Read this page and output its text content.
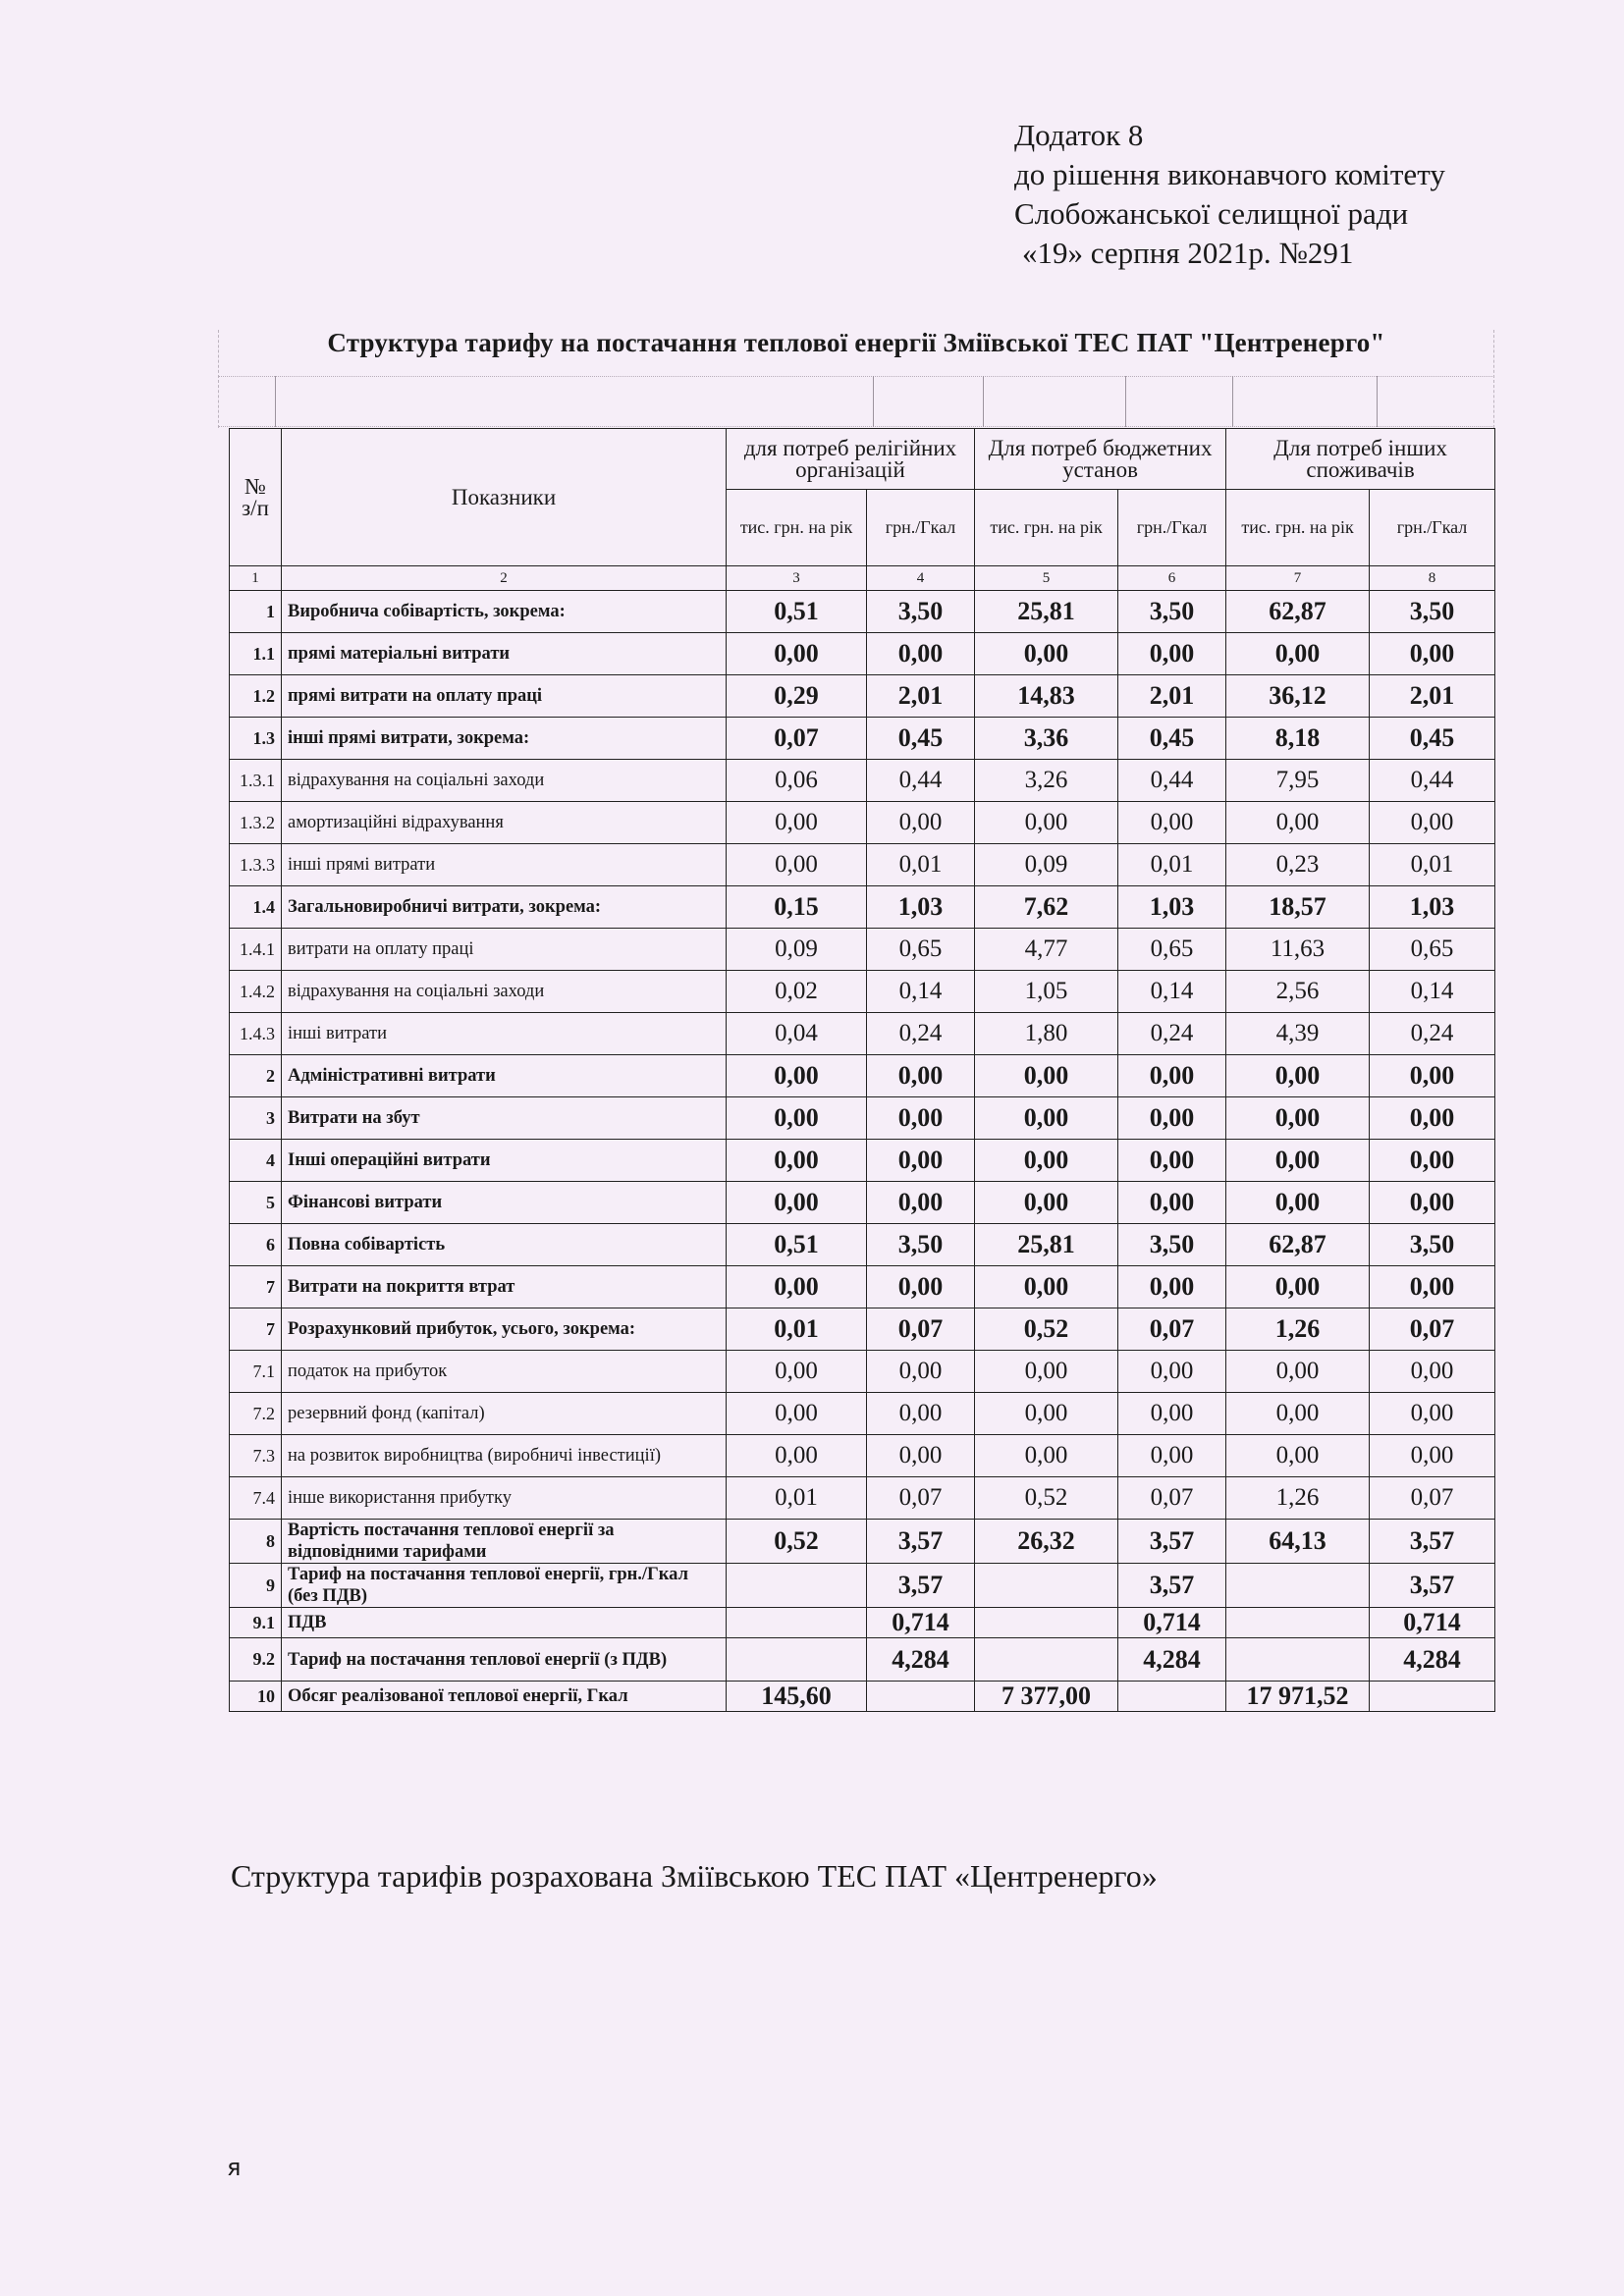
Додаток 8
до рішення виконавчого комітету
Слобожанської селищної ради
«19» серпня 2021р. №291
Структура тарифу на постачання теплової енергії Зміївської ТЕС ПАТ "Центренерго"
№ з/п	Показники	для потреб релігійних організацій		Для потреб бюджетних установ		Для потреб інших споживачів	
		тис. грн. на рік	грн./Гкал	тис. грн. на рік	грн./Гкал	тис. грн. на рік	грн./Гкал
1	2	3	4	5	6	7	8
1	Виробнича собівартість, зокрема:	0,51	3,50	25,81	3,50	62,87	3,50
1.1	прямі матеріальні витрати	0,00	0,00	0,00	0,00	0,00	0,00
1.2	прямі витрати на оплату праці	0,29	2,01	14,83	2,01	36,12	2,01
1.3	інші прямі витрати, зокрема:	0,07	0,45	3,36	0,45	8,18	0,45
1.3.1	відрахування на соціальні заходи	0,06	0,44	3,26	0,44	7,95	0,44
1.3.2	амортизаційні відрахування	0,00	0,00	0,00	0,00	0,00	0,00
1.3.3	інші прямі витрати	0,00	0,01	0,09	0,01	0,23	0,01
1.4	Загальновиробничі витрати, зокрема:	0,15	1,03	7,62	1,03	18,57	1,03
1.4.1	витрати на оплату праці	0,09	0,65	4,77	0,65	11,63	0,65
1.4.2	відрахування на соціальні заходи	0,02	0,14	1,05	0,14	2,56	0,14
1.4.3	інші витрати	0,04	0,24	1,80	0,24	4,39	0,24
2	Адміністративні витрати	0,00	0,00	0,00	0,00	0,00	0,00
3	Витрати на збут	0,00	0,00	0,00	0,00	0,00	0,00
4	Інші операційні витрати	0,00	0,00	0,00	0,00	0,00	0,00
5	Фінансові витрати	0,00	0,00	0,00	0,00	0,00	0,00
6	Повна собівартість	0,51	3,50	25,81	3,50	62,87	3,50
7	Витрати на покриття втрат	0,00	0,00	0,00	0,00	0,00	0,00
7	Розрахунковий прибуток, усього, зокрема:	0,01	0,07	0,52	0,07	1,26	0,07
7.1	податок на прибуток	0,00	0,00	0,00	0,00	0,00	0,00
7.2	резервний фонд (капітал)	0,00	0,00	0,00	0,00	0,00	0,00
7.3	на розвиток виробництва (виробничі інвестиції)	0,00	0,00	0,00	0,00	0,00	0,00
7.4	інше використання прибутку	0,01	0,07	0,52	0,07	1,26	0,07
8	Вартість постачання теплової енергії за відповідними тарифами	0,52	3,57	26,32	3,57	64,13	3,57
9	Тариф на постачання теплової енергії, грн./Гкал (без ПДВ)		3,57		3,57		3,57
9.1	ПДВ		0,714		0,714		0,714
9.2	Тариф на постачання теплової енергії (з ПДВ)		4,284		4,284		4,284
10	Обсяг реалізованої теплової енергії, Гкал	145,60		7 377,00		17 971,52	
Структура тарифів розрахована Зміївською ТЕС ПАТ «Центренерго»
я
